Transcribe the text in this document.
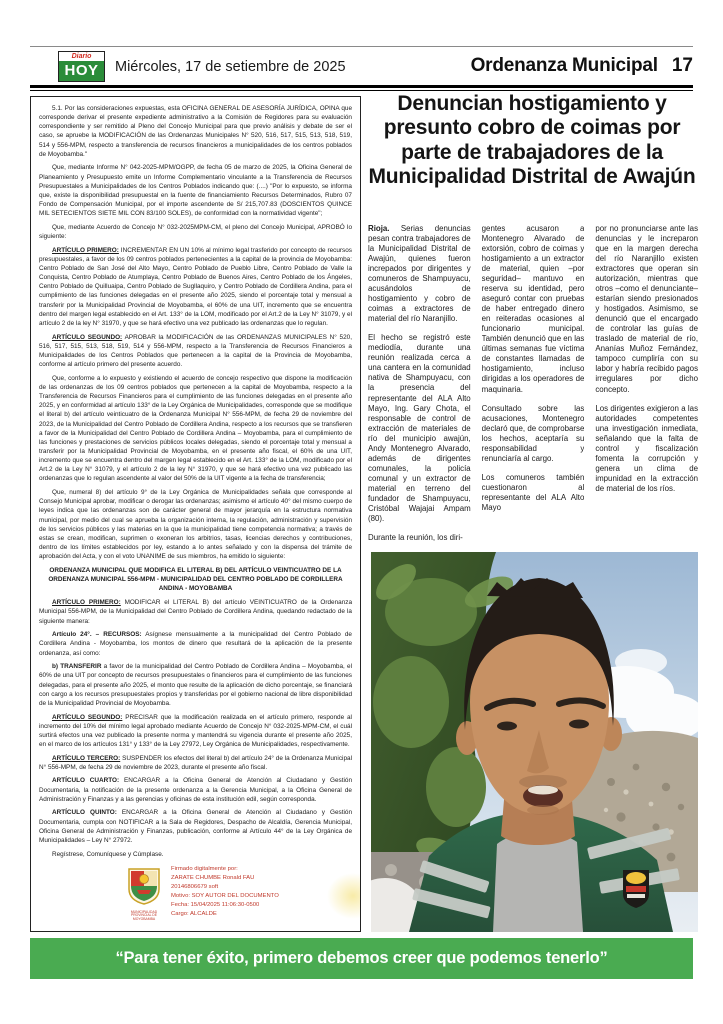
Diario
HOY	Miércoles, 17 de setiembre de 2025	Ordenanza Municipal 17

5.1. Por las consideraciones expuestas, esta OFICINA GENERAL DE ASESORÍA JURÍDICA, OPINA que corresponde derivar el presente expediente administrativo a la Comisión de Regidores para su evaluación correspondiente y ser remitido al Pleno del Concejo Municipal para que previo análisis y debate de ser el caso, se apruebe la MODIFICACIÓN de las Ordenanzas Municipales N° 520, 516, 517, 515, 513, 518, 519, 514 y 556-MPM, respecto a transferencia de recursos financieros a municipalidades de los centros poblados de Moyobamba."

Que, mediante Informe N° 042-2025-MPM/OGPP, de fecha 05 de marzo de 2025, la Oficina General de Planeamiento y Presupuesto emite un Informe Complementario vinculante a la Transferencia de Recursos Presupuestales a Municipalidades de los Centros Poblados indicando que: (....) "Por lo expuesto, se informa que, existe la disponibilidad presupuestal en la fuente de financiamiento Recursos Determinados, Rubro 07 Fondo de Compensación Municipal, por el importe ascendente de S/ 215,707.83 (DOSCIENTOS QUINCE MIL SETECIENTOS SIETE MIL CON 83/100 SOLES), de conformidad con la normatividad vigente";

Que, mediante Acuerdo de Concejo N° 032-2025MPM-CM, el pleno del Concejo Municipal, APROBÓ lo siguiente:

ARTÍCULO PRIMERO: INCREMENTAR EN UN 10% al mínimo legal trasferido por concepto de recursos presupuestales, a favor de los 09 centros poblados pertenecientes a la capital de la provincia de Moyobamba: Centro Poblado de San José del Alto Mayo, Centro Poblado de Pueblo Libre, Centro Poblado de Valle la Conquista, Centro Poblado de Atumplaya, Centro Poblado de Buenos Aires, Centro Poblado de los Ángeles, Centro Poblado de Quilluaipa, Centro Poblado de Sugllaquiro, y Centro Poblado de Cordillera Andina, para el cumplimiento de las funciones delegadas en el presente año 2025, siendo el porcentaje total y mensual a transferir por la Municipalidad Provincial de Moyobamba, el 60% de una UIT, incremento que se encuentra dentro del margen legal establecido en el Art. 133° de la LOM, modificado por el Art.2 de la Ley N° 31079, y el artículo 2 de la ley N° 31970, y que se hará efectivo una vez publicado las ordenanzas que lo regulan.

ARTÍCULO SEGUNDO: APROBAR la MODIFICACIÓN de las ORDENANZAS MUNICIPALES N° 520, 516, 517, 515, 513, 518, 519, 514 y 556-MPM, respecto a la Transferencia de Recursos Financieros a Municipalidades de los Centros Poblados que pertenecen a la capital de la Provincia de Moyobamba, conforme al artículo primero del presente acuerdo.

Que, conforme a lo expuesto y existiendo el acuerdo de concejo respectivo que dispone la modificación de las ordenanzas de los 09 centros poblados que pertenecen a la capital de Moyobamba, respecto a la Transferencia de Recursos Financieros para el cumplimiento de las funciones delegadas en el presente año 2025, y en conformidad al artículo 133° de la Ley Orgánica de Municipalidades, corresponde que se modifique el literal b) del artículo veinticuatro de la Ordenanza Municipal N° 556-MPM, de fecha 29 de noviembre del 2023, de la Municipalidad del Centro Poblado de Cordillera Andina, respecto a los recursos que se transfieren a favor de la Municipalidad del Centro Poblado de Cordillera Andina – Moyobamba, para el cumplimiento de las funciones y prestaciones de servicios públicos locales delegadas, siendo el porcentaje total y mensual a transferir por la Municipalidad Provincial de Moyobamba, en el presente año fiscal, el 60% de una UIT, incremento que se encuentra dentro del margen legal establecido en el Art. 133° de la LOM, modificado por el Art.2 de la Ley N° 31079, y el artículo 2 de la ley N° 31970, y que se hará efectivo una vez publicado las ordenanzas que lo regulan ascendente al valor del 50% de la UIT vigente a la fecha de transferencia;

Que, numeral 8) del artículo 9° de la Ley Orgánica de Municipalidades señala que corresponde al Consejo Municipal aprobar, modificar o derogar las ordenanzas; asimismo el artículo 40° del mismo cuerpo de leyes indica que las ordenanzas son de carácter general de mayor jerarquía en la estructura normativa municipal, por medio del cual se aprueba la organización interna, la regulación, administración y supervisión de los servicios públicos y las materias en la que la municipalidad tiene competencia normativa; a través de estas se crean, modifican, suprimen o exoneran los arbitrios, tasas, licencias derechos y contribuciones, dentro de los límites establecidos por ley, estando a lo antes señalado y con la dispensa del trámite de aprobación del Acta, y con el voto UNANIME de sus miembros, ha emitido lo siguiente:

ORDENANZA MUNICIPAL QUE MODIFICA EL LITERAL B) DEL ARTÍCULO VEINTICUATRO DE LA ORDENANZA MUNICIPAL 556-MPM - MUNICIPALIDAD DEL CENTRO POBLADO DE CORDILLERA ANDINA - MOYOBAMBA

ARTÍCULO PRIMERO: MODIFICAR el LITERAL B) del artículo VEINTICUATRO de la Ordenanza Municipal 556-MPM, de la Municipalidad del Centro Poblado de Cordillera Andina, quedando redactado de la siguiente manera:

Artículo 24°. – RECURSOS: Asígnese mensualmente a la municipalidad del Centro Poblado de Cordillera Andina - Moyobamba, los montos de dinero que resultará de la aplicación de la presente ordenanza, así como:

b) TRANSFERIR a favor de la municipalidad del Centro Poblado de Cordillera Andina – Moyobamba, el 60% de una UIT por concepto de recursos presupuestales o financieros para el cumplimiento de las funciones delegadas, para el presente año 2025, el monto que resulte de la aplicación de dicho porcentaje, se financiará con cargo a los recursos presupuestales propios y transferidas por el gobierno nacional de libre disponibilidad de la Municipalidad Provincial de Moyobamba.

ARTÍCULO SEGUNDO: PRECISAR que la modificación realizada en el artículo primero, responde al incremento del 10% del mínimo legal aprobado mediante Acuerdo de Concejo N° 032-2025-MPM-CM, el cuál surtirá efectos una vez publicado la presente norma y mantendrá su vigencia durante el presente año 2025, en el marco de los artículos 131° y 133° de la Ley 27972, Ley Orgánica de Municipalidades, respectivamente.

ARTÍCULO TERCERO: SUSPENDER los efectos del literal b) del artículo 24° de la Ordenanza Municipal N° 556-MPM, de fecha 29 de noviembre de 2023, durante el presente año fiscal.

ARTÍCULO CUARTO: ENCARGAR a la Oficina General de Atención al Ciudadano y Gestión Documentaria, la notificación de la presente ordenanza a la Gerencia Municipal, a la Oficina General de Administración y Finanzas y a las gerencias y oficinas de esta institución edil, según corresponda.

ARTÍCULO QUINTO: ENCARGAR a la Oficina General de Atención al Ciudadano y Gestión Documentaria, cumpla con NOTIFICAR a la Sala de Regidores, Despacho de Alcaldía, Gerencia Municipal, Oficina General de Administración y Finanzas, publicación, conforme al Artículo 44° de la Ley Orgánica de Municipalidades – Ley N° 27972.

Regístrese, Comuníquese y Cúmplase.

MUNICIPALIDAD PROVINCIAL DE MOYOBAMBA
Firmado digitalmente por:
ZARATE CHUMBE Ronald FAU
20146806679 soft
Motivo: SOY AUTOR DEL DOCUMENTO
Fecha: 15/04/2025 11:06:30-0500
Cargo: ALCALDE
Denuncian hostigamiento y presunto cobro de coimas por parte de trabajadores de la Municipalidad Distrital de Awajún

Rioja. Serias denuncias pesan contra trabajadores de la Municipalidad Distrital de Awajún, quienes fueron increpados por dirigentes y comuneros de Shampuyacu, acusándolos de hostigamiento y cobro de coimas a extractores de material del río Naranjillo.

El hecho se registró este mediodía, durante una reunión realizada cerca a una cantera en la comunidad nativa de Shampuyacu, con la presencia del representante del ALA Alto Mayo, Ing. Gary Chota, el responsable de control de extracción de materiales de río del municipio awajún, Andy Montenegro Alvarado, además de dirigentes comunales, la policía comunal y un extractor de material en terreno del fundador de Shampuyacu, Cristóbal Wajajai Ampam (80).

Durante la reunión, los diri-

gentes acusaron a Montenegro Alvarado de extorsión, cobro de coimas y hostigamiento a un extractor de material, quien –por seguridad– mantuvo en reserva su identidad, pero aseguró contar con pruebas de haber entregado dinero en reiteradas ocasiones al funcionario municipal. También denunció que en las últimas semanas fue víctima de constantes llamadas de hostigamiento, incluso dirigidas a los operadores de maquinaria.

Consultado sobre las acusaciones, Montenegro declaró que, de comprobarse los hechos, aceptaría su responsabilidad y renunciaría al cargo.

Los comuneros también cuestionaron al representante del ALA Alto Mayo

por no pronunciarse ante las denuncias y le increparon que en la margen derecha del río Naranjillo existen extractores que operan sin autorización, mientras que otros –como el denunciante– estarían siendo presionados y hostigados. Asimismo, se denunció que el encargado de controlar las guías de traslado de material de río, Ananías Muñoz Fernández, tampoco cumpliría con su labor y habría recibido pagos irregulares por dicho concepto.

Los dirigentes exigieron a las autoridades competentes una investigación inmediata, señalando que la falta de control y fiscalización fomenta la corrupción y genera un clima de impunidad en la extracción de material de los ríos.

“Para tener éxito, primero debemos creer que podemos tenerlo”
